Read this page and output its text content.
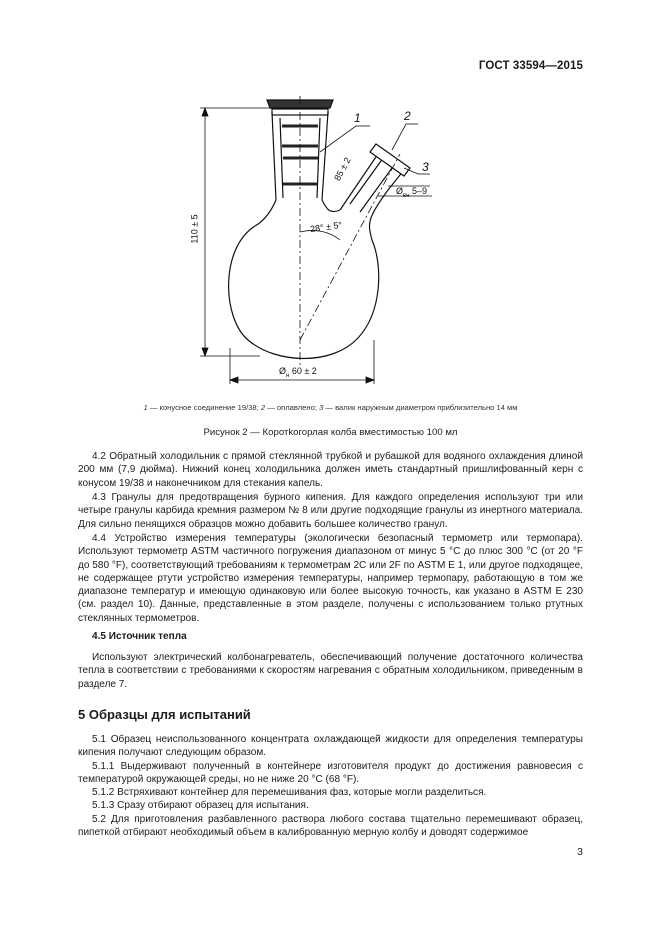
ГОСТ 33594—2015
1	2
3
110 ± 5
85 ± 2
28° ± 5°
$Ø_{вн}$ 5–9
$Ø_н$ 60 ± 2
1 — конусное соединение 19/38; 2 — оплавлено; 3 — валик наружным диаметром приблизительно 14 мм
Рисунок 2 — Коротkогорлая колба вместимостью 100 мл

4.2 Обратный холодильник с прямой стеклянной трубкой и рубашкой для водяного охлаждения длиной 200 мм (7,9 дюйма). Нижний конец холодильника должен иметь стандартный пришлифованный керн с конусом 19/38 и наконечником для стекания капель.

4.3 Гранулы для предотвращения бурного кипения. Для каждого определения используют три или четыре гранулы карбида кремния размером № 8 или другие подходящие гранулы из инертного материала. Для сильно пенящихся образцов можно добавить большее количество гранул.

4.4 Устройство измерения температуры (экологически безопасный термометр или термопара). Используют термометр ASTM частичного погружения диапазоном от минус 5 °С до плюс 300 °С (от 20 °F до 580 °F), соответствующий требованиям к термометрам 2С или 2F по ASTM E 1, или другое подходящее, не содержащее ртути устройство измерения температуры, например термопару, работающую в том же диапазоне температур и имеющую одинаковую или более высокую точность, как указано в ASTM E 230 (см. раздел 10). Данные, представленные в этом разделе, получены с использованием только ртутных стеклянных термометров.

4.5 Источник тепла

Используют электрический колбонагреватель, обеспечивающий получение достаточного количества тепла в соответствии с требованиями к скоростям нагревания с обратным холодильником, приведенным в разделе 7.

5 Образцы для испытаний

5.1 Образец неиспользованного концентрата охлаждающей жидкости для определения температуры кипения получают следующим образом.

5.1.1 Выдерживают полученный в контейнере изготовителя продукт до достижения равновесия с температурой окружающей среды, но не ниже 20 °С (68 °F).

5.1.2 Встряхивают контейнер для перемешивания фаз, которые могли разделиться.

5.1.3 Сразу отбирают образец для испытания.

5.2 Для приготовления разбавленного раствора любого состава тщательно перемешивают образец, пипеткой отбирают необходимый объем в калиброванную мерную колбу и доводят содержимое

3
